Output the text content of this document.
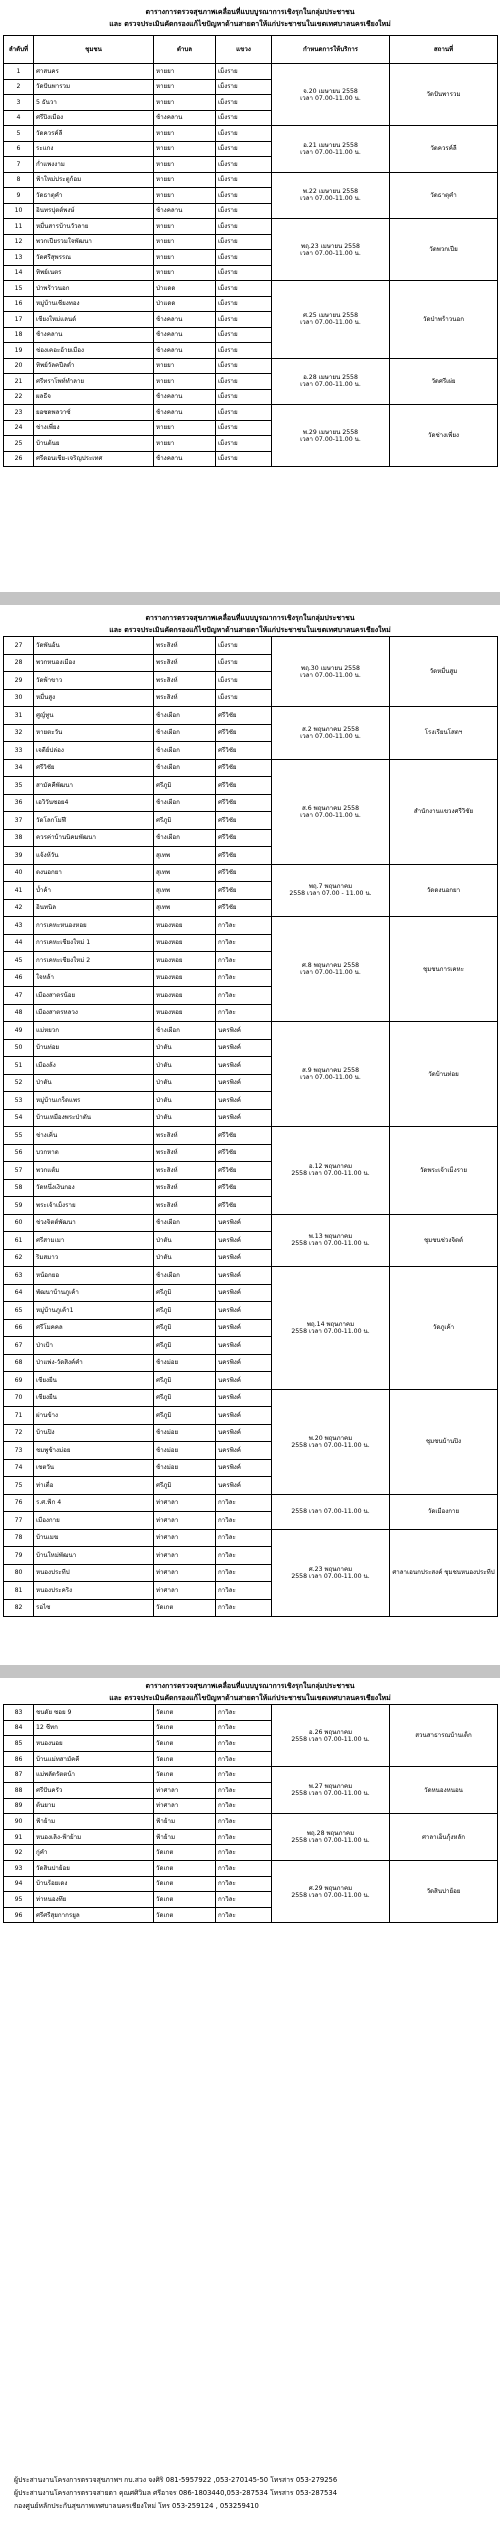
ตารางการตรวจสุขภาพเคลื่อนที่แบบบูรณาการเชิงรุกในกลุ่มประชาชน
และ ตรวจประเมินคัดกรองแก้ไขปัญหาด้านสายตาให้แก่ประชาชนในเขตเทศบาลนครเชียงใหม่
ลำดับที่	ชุมชน	ตำบล	แขวง	กำหนดการให้บริการ	สถานที่
1	ศาสนคร	หายยา	เม็งราย	จ.20 เมษายน 2558
เวลา 07.00-11.00 น.	วัดปันพารวม
2	วัดปันพารวม	หายยา	เม็งราย		
3	5 ธันวา	หายยา	เม็งราย		
4	ศรีปิงเมือง	ช้างคลาน	เม็งราย		
5	วัดควรค์ลี	หายยา	เม็งราย	อ.21 เมษายน 2558
เวลา 07.00-11.00 น.	วัดควรค์ลี
6	ระแกง	หายยา	เม็งราย		
7	ก่ำแพงงาม	หายยา	เม็งราย		
8	ฟ้าใหม่ประตูก้อม	หายยา	เม็งราย	พ.22 เมษายน 2558
เวลา 07.00-11.00 น.	วัดธาตุคำ
9	วัดธาตุคำ	หายยา	เม็งราย		
10	อินทรปุตต์พงษ์	ช้างคลาน	เม็งราย		
11	หมื่นสารบ้านวัวลาย	หายยา	เม็งราย	พฤ.23 เมษายน 2558
เวลา 07.00-11.00 น.	วัดพวกเปีย
12	พวกเปียรวมใจพัฒนา	หายยา	เม็งราย		
13	วัดศรีสุพรรณ	หายยา	เม็งราย		
14	ทิพย์เนตร	หายยา	เม็งราย		
15	ป่าพร้าวนอก	ป่าแดด	เม็งราย	ศ.25 เมษายน 2558
เวลา 07.00-11.00 น.	วัดป่าพร้าวนอก
16	หมู่บ้านเชียงทอง	ป่าแดด	เม็งราย		
17	เชียงใหม่แลนด์	ช้างคลาน	เม็งราย		
18	ช้างคลาน	ช้างคลาน	เม็งราย		
19	ช่องเคอะอ้ายเมือง	ช้างคลาน	เม็งราย		
20	ทิพย์วัลคปีลด่ำ	หายยา	เม็งราย	อ.28 เมษายน 2558
เวลา 07.00-11.00 น.	วัดศรีเผ่ย
21	ศรีทราโพท์ทำลาย	หายยา	เม็งราย		
22	ผลธีจ	ช้างคลาน	เม็งราย		
23	ยอซดพลวาซ์	ช้างคลาน	เม็งราย	พ.29 เมษายน 2558
เวลา 07.00-11.00 น.	วัดช่างเพี่ยง
24	ช่างเพี่ยง	หายยา	เม็งราย		
25	บ้านต้นย	หายยา	เม็งราย		
26	ศรีดอนเชีย-เจริญประเทศ	ช้างคลาน	เม็งราย		
ตารางการตรวจสุขภาพเคลื่อนที่แบบบูรณาการเชิงรุกในกลุ่มประชาชน
และ ตรวจประเมินคัดกรองแก้ไขปัญหาด้านสายตาให้แก่ประชาชนในเขตเทศบาลนครเชียงใหม่
27	วัดพันอ้น	พระสิงห์	เม็งราย	พฤ.30 เมษายน 2558
เวลา 07.00-11.00 น.	วัดหมื่นสูม
28	พวกหนองเมือง	พระสิงห์	เม็งราย		
29	วัดพ้าขาว	พระสิงห์	เม็งราย		
30	หมื่นสูง	พระสิงห์	เม็งราย		
31	ศูญ์ทูน	ช้างเผือก	ศรีวิชัย	ส.2 พฤษภาคม 2558
เวลา 07.00-11.00 น.	โรงเรียนโสตฯ
32	หายตะวัน	ช้างเผือก	ศรีวิชัย		
33	เจดีย์ปล่อง	ช้างเผือก	ศรีวิชัย		
34	ศรีวิชัย	ช้างเผือก	ศรีวิชัย	ส.6 พฤษภาคม 2558
เวลา 07.00-11.00 น.	สำนักงานแขวงศรีวิชัย
35	สามัคคีพัฒนา	ศรีภูมิ	ศรีวิชัย		
36	เอวิวันซอย4	ช้างเผือก	ศรีวิชัย		
37	วัดโลกโมฬี	ศรีภูมิ	ศรีวิชัย		
38	ควรค่าบ้านนิคมพัฒนา	ช้างเผือก	ศรีวิชัย		
39	แจ้งห้วัน	สุเทพ	ศรีวิชัย		
40	ดงนอกยา	สุเทพ	ศรีวิชัย	พฤ.7 พฤษภาคม
2558 เวลา 07.00 - 11.00 น.	วัดดงนอกยา
41	บ้ำค้า	สุเทพ	ศรีวิชัย		
42	อินทนิล	สุเทพ	ศรีวิชัย		
43	การเคหะหนองหอย	หนองหอย	กาวิละ	ศ.8 พฤษภาคม 2558
เวลา 07.00-11.00 น.	ชุมชนการเคหะ
44	การเคหะเชียงใหม่ 1	หนองหอย	กาวิละ		
45	การเคหะเชียงใหม่ 2	หนองหอย	กาวิละ		
46	ใจหล้า	หนองหอย	กาวิละ		
47	เมืองสาตรน้อย	หนองหอย	กาวิละ		
48	เมืองสาตรหลวง	หนองหอย	กาวิละ		
49	แม่หยวก	ช้างเผือก	นครพิงค์	ส.9 พฤษภาคม 2558
เวลา 07.00-11.00 น.	วัดบ้านท่อย
50	บ้านท่อย	ป่าตัน	นครพิงค์		
51	เมืองล้ง	ป่าตัน	นครพิงค์		
52	ป่าตัน	ป่าตัน	นครพิงค์		
53	หมู่บ้านเกร็ดแพร	ป่าตัน	นครพิงค์		
54	บ้านเหมืองพระป่าตัน	ป่าตัน	นครพิงค์		
55	ช่างเคิ่น	พระสิงห์	ศรีวิชัย	อ.12 พฤษภาคม
2558 เวลา 07.00-11.00 น.	วัดพระเจ้าเม็งราย
56	บวกหาด	พระสิงห์	ศรีวิชัย		
57	พวกแต้ม	พระสิงห์	ศรีวิชัย		
58	วัดหนึ่งเงินกอง	พระสิงห์	ศรีวิชัย		
59	พระเจ้าเม็งราย	พระสิงห์	ศรีวิชัย		
60	ช่วงจิตต์พัฒนา	ช้างเผือก	นครพิงค์	พ.13 พฤษภาคม
2558 เวลา 07.00-11.00 น.	ชุมชนช่วงจิตต์
61	ศรีสามเมา	ป่าตัน	นครพิงค์		
62	ริมสมาว	ป่าตัน	นครพิงค์		
63	หน้อกยอ	ช้างเผือก	นครพิงค์	พฤ.14 พฤษภาคม
2558 เวลา 07.00-11.00 น.	วัดภูเค้า
64	พัฒนาบ้านภูเค้า	ศรีภูมิ	นครพิงค์		
65	หมู่บ้านภูเค้า1	ศรีภูมิ	นครพิงค์		
66	ศรีโมคคล	ศรีภูมิ	นครพิงค์		
67	ป่าเป้า	ศรีภูมิ	นครพิงค์		
68	ป่าแพ่ง-วัดสิงค์คำ	ช้างม่อย	นครพิงค์		
69	เชียงยืน	ศรีภูมิ	นครพิงค์		
70	เชียงยืน	ศรีภูมิ	นครพิงค์	พ.20 พฤษภาคม
2558 เวลา 07.00-11.00 น.	ชุมชนบ้านปิง
71	ผ่านข้าง	ศรีภูมิ	นครพิงค์		
72	บ้านปิง	ช้างม่อย	นครพิงค์		
73	ชมพูช้างม่อย	ช้างม่อย	นครพิงค์		
74	เชตวัน	ช้างม่อย	นครพิงค์		
75	ท่าเดื่อ	ศรีภูมิ	นครพิงค์		
76	ร.ศ.ฟ้ก 4	ท่าศาลา	กาวิละ	2558 เวลา 07.00-11.00 น.	วัดเมืองกาย
77	เมืองกาย	ท่าศาลา	กาวิละ		
78	บ้านเมฆ	ท่าศาลา	กาวิละ	ศ.23 พฤษภาคม
2558 เวลา 07.00-11.00 น.	ศาลาเอนกประสงค์ ชุมชนหนองประทีป
79	บ้านใหม่พัฒนา	ท่าศาลา	กาวิละ		
80	หนองประทีป	ท่าศาลา	กาวิละ		
81	หนองประคริง	ท่าศาลา	กาวิละ		
82	รอไซ	วัดเกต	กาวิละ		
ตารางการตรวจสุขภาพเคลื่อนที่แบบบูรณาการเชิงรุกในกลุ่มประชาชน
และ ตรวจประเมินคัดกรองแก้ไขปัญหาด้านสายตาให้แก่ประชาชนในเขตเทศบาลนครเชียงใหม่
83	ชนดัย ซอย 9	วัดเกต	กาวิละ	อ.26 พฤษภาคม
2558 เวลา 07.00-11.00 น.	สวนสาธารณบ้านเด็ก
84	12 ชีทก	วัดเกต	กาวิละ		
85	หนองนอย	วัดเกต	กาวิละ		
86	บ้านแม่ทสามัคคี	วัดเกต	กาวิละ		
87	แม่พลัดรัตตน้า	วัดเกต	กาวิละ	พ.27 พฤษภาคม
2558 เวลา 07.00-11.00 น.	วัดหนองหนอน
88	ศรีปันครัว	ท่าศาลา	กาวิละ		
89	ต้นยาม	ท่าศาลา	กาวิละ		
90	ฟ้าย้าม	ฟ้าย้าม	กาวิละ	พฤ.28 พฤษภาคม
2558 เวลา 07.00-11.00 น.	ศาลาเอ็นกุ้งหลัก
91	หนองเลิง-ฟ้าย้าม	ฟ้าย้าม	กาวิละ		
92	กู่คำ	วัดเกต	กาวิละ		
93	วัดสินปาย้อย	วัดเกต	กาวิละ	ศ.29 พฤษภาคม
2558 เวลา 07.00-11.00 น.	วัดสินปาย้อย
94	บ้านร้อยเดง	วัดเกต	กาวิละ		
95	ท่าหนองทึย	วัดเกต	กาวิละ		
96	ศรีศรีสุยกากรยูล	วัดเกต	กาวิละ		
ผู้ประสานงานโครงการตรวจสุขภาพฯ กบ.สวง จงศิริ 081-5957922 ,053-270145-50 โทรสาร 053-279256
ผู้ประสานงานโครงการตรวจสายตา คุณศศิวิมล ศรีอาจร 086-1803440,053-287534 โทรสาร 053-287534
กองศูนย์หลักประกันสุขภาพเทศบาลนครเชียงใหม่ โทร 053-259124 , 053259410
